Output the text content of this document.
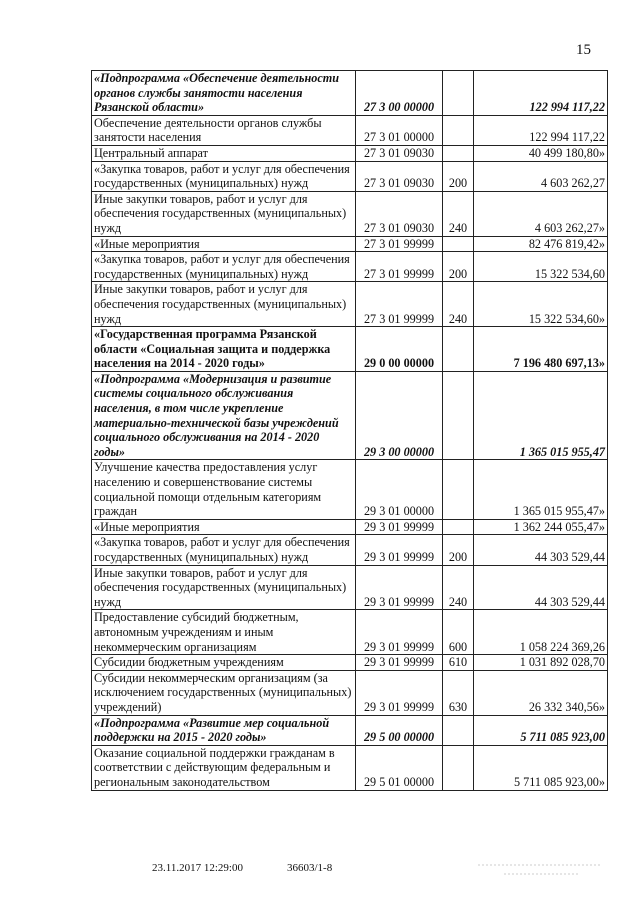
15
«Подпрограмма «Обеспечение деятельности органов службы занятости населения Рязанской области»	27 3 00 00000		122 994 117,22
Обеспечение деятельности органов службы занятости населения	27 3 01 00000		122 994 117,22
Центральный аппарат	27 3 01 09030		40 499 180,80»
«Закупка товаров, работ и услуг для обеспечения государственных (муниципальных) нужд	27 3 01 09030	200	4 603 262,27
Иные закупки товаров, работ и услуг для обеспечения государственных (муниципальных) нужд	27 3 01 09030	240	4 603 262,27»
«Иные мероприятия	27 3 01 99999		82 476 819,42»
«Закупка товаров, работ и услуг для обеспечения государственных (муниципальных) нужд	27 3 01 99999	200	15 322 534,60
Иные закупки товаров, работ и услуг для обеспечения государственных (муниципальных) нужд	27 3 01 99999	240	15 322 534,60»
«Государственная программа Рязанской области «Социальная защита и поддержка населения на 2014 - 2020 годы»	29 0 00 00000		7 196 480 697,13»
«Подпрограмма «Модернизация и развитие системы социального обслуживания населения, в том числе укрепление материально-технической базы учреждений социального обслуживания на 2014 - 2020 годы»	29 3 00 00000		1 365 015 955,47
Улучшение качества предоставления услуг населению и совершенствование системы социальной помощи отдельным категориям граждан	29 3 01 00000		1 365 015 955,47»
«Иные мероприятия	29 3 01 99999		1 362 244 055,47»
«Закупка товаров, работ и услуг для обеспечения государственных (муниципальных) нужд	29 3 01 99999	200	44 303 529,44
Иные закупки товаров, работ и услуг для обеспечения государственных (муниципальных) нужд	29 3 01 99999	240	44 303 529,44
Предоставление субсидий бюджетным, автономным учреждениям и иным некоммерческим организациям	29 3 01 99999	600	1 058 224 369,26
Субсидии бюджетным учреждениям	29 3 01 99999	610	1 031 892 028,70
Субсидии некоммерческим организациям (за исключением государственных (муниципальных) учреждений)	29 3 01 99999	630	26 332 340,56»
«Подпрограмма «Развитие мер социальной поддержки на 2015 - 2020 годы»	29 5 00 00000		5 711 085 923,00
Оказание социальной поддержки гражданам в соответствии с действующим федеральным и региональным законодательством	29 5 01 00000		5 711 085 923,00»
23.11.2017 12:29:00	36603/1-8
